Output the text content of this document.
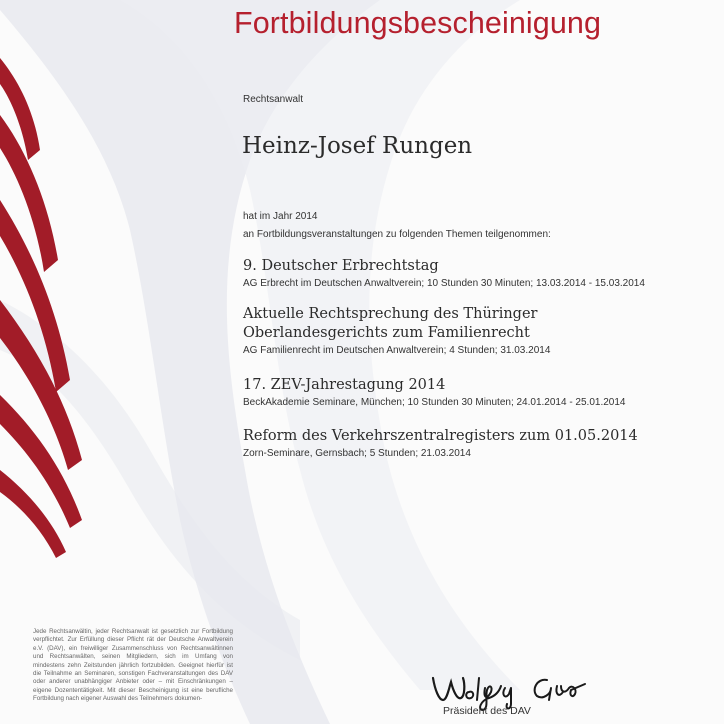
Fortbildungsbescheinigung
Rechtsanwalt
Heinz-Josef Rungen
hat im Jahr 2014
an Fortbildungsveranstaltungen zu folgenden Themen teilgenommen:
9. Deutscher Erbrechtstag
AG Erbrecht im Deutschen Anwaltverein; 10 Stunden 30 Minuten; 13.03.2014 - 15.03.2014
Aktuelle Rechtsprechung des Thüringer
Oberlandesgerichts zum Familienrecht
AG Familienrecht im Deutschen Anwaltverein; 4 Stunden; 31.03.2014
17. ZEV-Jahrestagung 2014
BeckAkademie Seminare, München; 10 Stunden 30 Minuten; 24.01.2014 - 25.01.2014
Reform des Verkehrszentralregisters zum 01.05.2014
Zorn-Seminare, Gernsbach; 5 Stunden; 21.03.2014
Jede Rechtsanwältin, jeder Rechtsanwalt ist gesetzlich zur Fortbildung verpflichtet. Zur Erfüllung dieser Pflicht rät der Deutsche Anwaltverein e.V. (DAV), ein freiwilliger Zusammenschluss von Rechtsanwältinnen und Rechtsanwälten, seinen Mitgliedern, sich im Umfang von mindestens zehn Zeitstunden jährlich fortzubilden. Geeignet hierfür ist die Teilnahme an Seminaren, sonstigen Fachveranstaltungen des DAV oder anderer unabhängiger Anbieter oder – mit Einschränkungen – eigene Dozententätigkeit. Mit dieser Bescheinigung ist eine berufliche Fortbildung nach eigener Auswahl des Teilnehmers dokumen-
Präsident des DAV
